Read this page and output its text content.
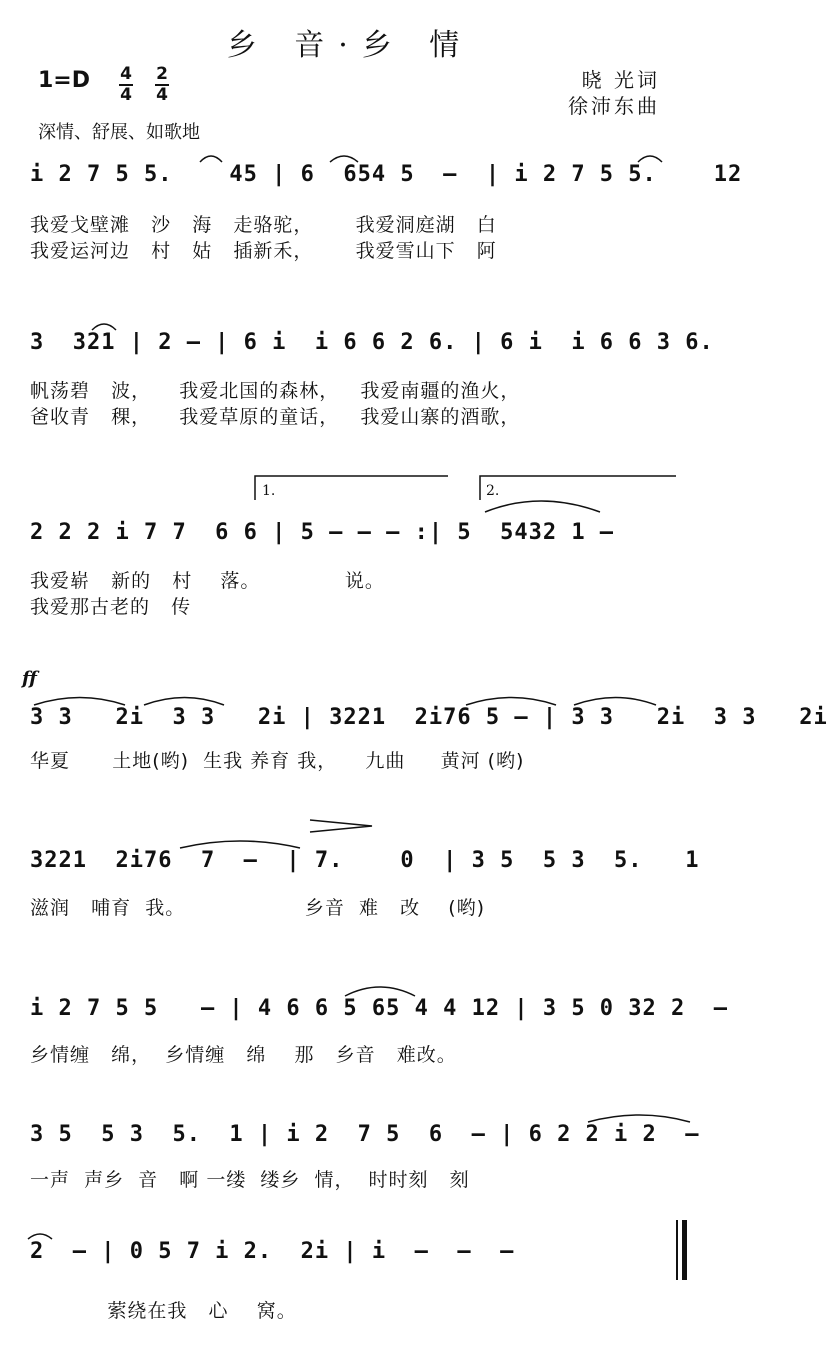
乡 音·乡 情
1=D 4
4
2
4
晓 光词
徐沛东曲
深情、舒展、如歌地
i 2 7 5 5.    45 | 6  654 5  –  | i 2 7 5 5.    12
我爱戈壁滩   沙   海   走骆驼，      我爱洞庭湖   白
我爱运河边   村   姑   插新禾，      我爱雪山下   阿
3  321 | 2 – | 6 i  i 6 6 2 6. | 6 i  i 6 6 3 6.
帆荡碧   波，    我爱北国的森林，   我爱南疆的渔火，
爸收青   稞，    我爱草原的童话，   我爱山寨的酒歌，
1.	2.
2 2 2 i 7 7  6 6 | 5 – – – :| 5  5432 1 –
我爱崭   新的   村    落。            说。
我爱那古老的   传
ff
3 3   2i  3 3   2i | 3221  2i76 5 – | 3 3   2i  3 3   2i
华夏      土地(哟)  生我 养育 我，    九曲     黄河 (哟)
3221  2i76  7  –  | 7.    0  | 3 5  5 3  5.   1
滋润   哺育  我。                 乡音  难   改    (哟)
i 2 7 5 5   – | 4 6 6 5 65 4 4 12 | 3 5 0 32 2  –
乡情缠   绵，  乡情缠   绵    那   乡音   难改。
3 5  5 3  5.  1 | i 2  7 5  6  – | 6 2 2 i 2  –
一声  声乡  音   啊 一缕  缕乡  情，  时时刻   刻
2  – | 0 5 7 i 2.  2i | i  –  –  –
萦绕在我   心    窝。
